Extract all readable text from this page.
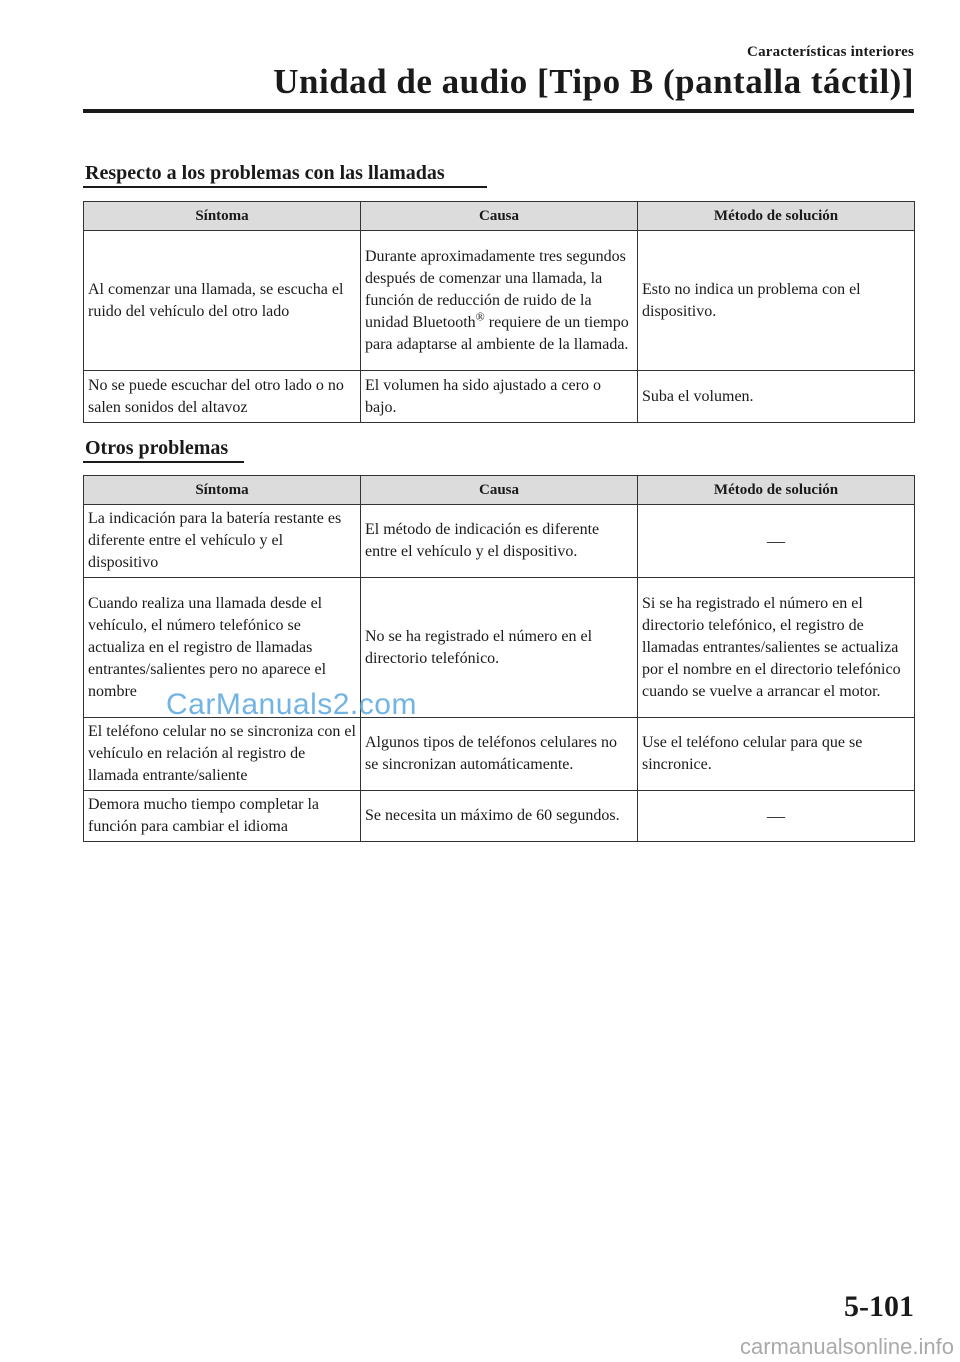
Características interiores
Unidad de audio [Tipo B (pantalla táctil)]
Respecto a los problemas con las llamadas
Síntoma	Causa	Método de solución
Al comenzar una llamada, se escucha el ruido del vehículo del otro lado	Durante aproximadamente tres segundos después de comenzar una llamada, la función de reducción de ruido de la unidad Bluetooth® requiere de un tiempo para adaptarse al ambiente de la llamada.	Esto no indica un problema con el dispositivo.
No se puede escuchar del otro lado o no salen sonidos del altavoz	El volumen ha sido ajustado a cero o bajo.	Suba el volumen.
Otros problemas
Síntoma	Causa	Método de solución
La indicación para la batería restante es diferente entre el vehículo y el dispositivo	El método de indicación es diferente entre el vehículo y el dispositivo.	—
Cuando realiza una llamada desde el vehículo, el número telefónico se actualiza en el registro de llamadas entrantes/salientes pero no aparece el nombre	No se ha registrado el número en el directorio telefónico.	Si se ha registrado el número en el directorio telefónico, el registro de llamadas entrantes/salientes se actualiza por el nombre en el directorio telefónico cuando se vuelve a arrancar el motor.
El teléfono celular no se sincroniza con el vehículo en relación al registro de llamada entrante/saliente	Algunos tipos de teléfonos celulares no se sincronizan automáticamente.	Use el teléfono celular para que se sincronice.
Demora mucho tiempo completar la función para cambiar el idioma	Se necesita un máximo de 60 segundos.	—
CarManuals2.com
5-101
carmanualsonline.info
